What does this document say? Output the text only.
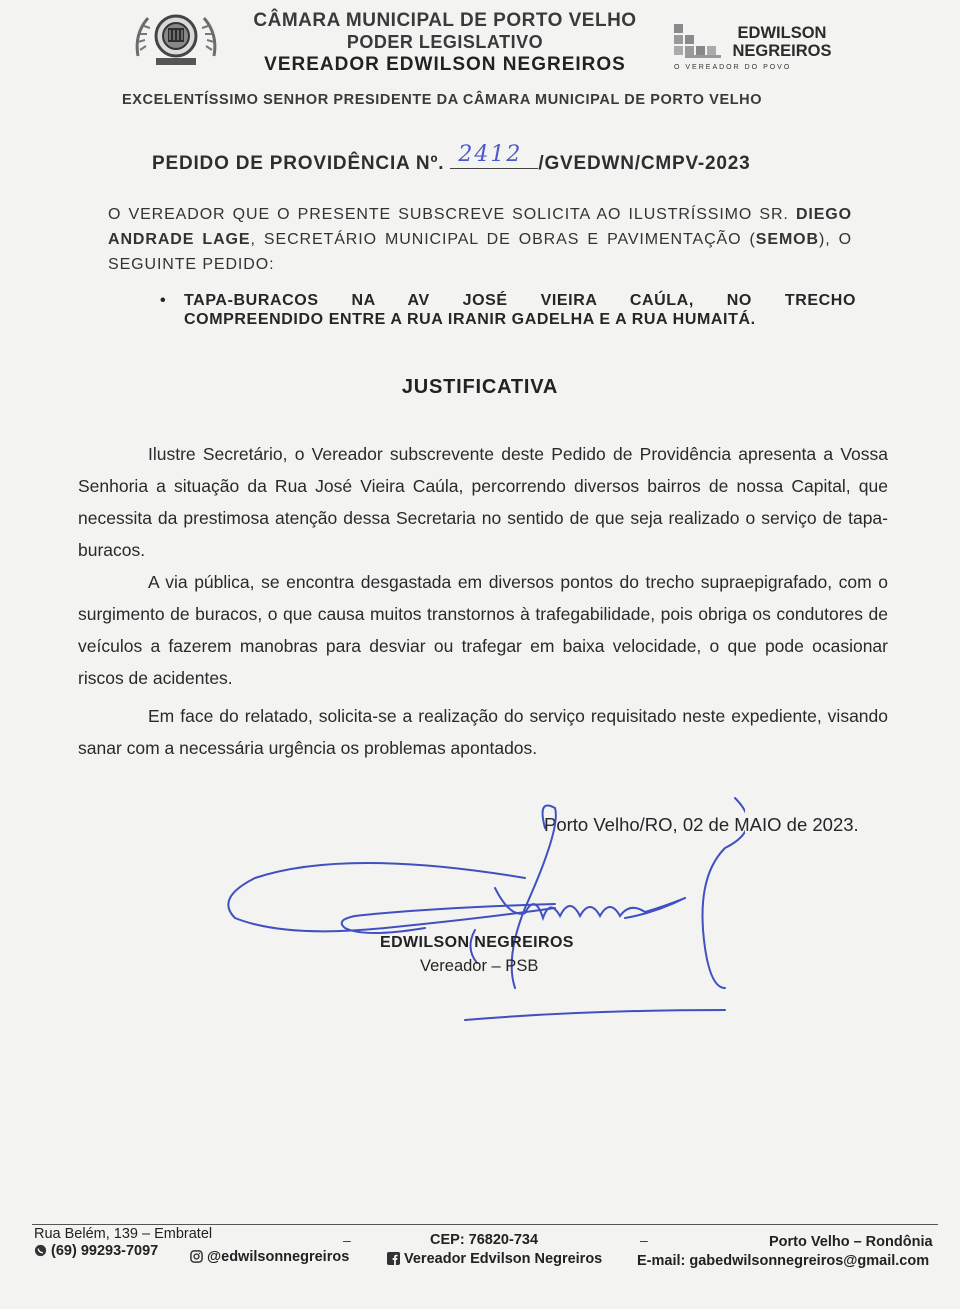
CÂMARA MUNICIPAL DE PORTO VELHO
PODER LEGISLATIVO
VEREADOR EDWILSON NEGREIROS
EDWILSON
NEGREIROS
O VEREADOR DO POVO
EXCELENTÍSSIMO SENHOR PRESIDENTE DA CÂMARA MUNICIPAL DE PORTO VELHO
PEDIDO DE PROVIDÊNCIA Nº. 2412 /GVEDWN/CMPV-2023
O VEREADOR QUE O PRESENTE SUBSCREVE SOLICITA AO ILUSTRÍSSIMO SR. DIEGO ANDRADE LAGE, SECRETÁRIO MUNICIPAL DE OBRAS E PAVIMENTAÇÃO (SEMOB), O SEGUINTE PEDIDO:
• TAPA-BURACOS NA AV JOSÉ VIEIRA CAÚLA, NO TRECHO
COMPREENDIDO ENTRE A RUA IRANIR GADELHA E A RUA HUMAITÁ.
JUSTIFICATIVA
Ilustre Secretário, o Vereador subscrevente deste Pedido de Providência apresenta a Vossa Senhoria a situação da Rua José Vieira Caúla, percorrendo diversos bairros de nossa Capital, que necessita da prestimosa atenção dessa Secretaria no sentido de que seja realizado o serviço de tapa-buracos.
A via pública, se encontra desgastada em diversos pontos do trecho supraepigrafado, com o surgimento de buracos, o que causa muitos transtornos à trafegabilidade, pois obriga os condutores de veículos a fazerem manobras para desviar ou trafegar em baixa velocidade, o que pode ocasionar riscos de acidentes.
Em face do relatado, solicita-se a realização do serviço requisitado neste expediente, visando sanar com a necessária urgência os problemas apontados.
Porto Velho/RO, 02 de MAIO de 2023.
EDWILSON NEGREIROS
Vereador – PSB
Rua Belém, 139 – Embratel	–	CEP: 76820-734	–	Porto Velho – Rondônia
(69) 99293-7097	@edwilsonnegreiros	Vereador Edvilson Negreiros E-mail: gabedwilsonnegreiros@gmail.com
